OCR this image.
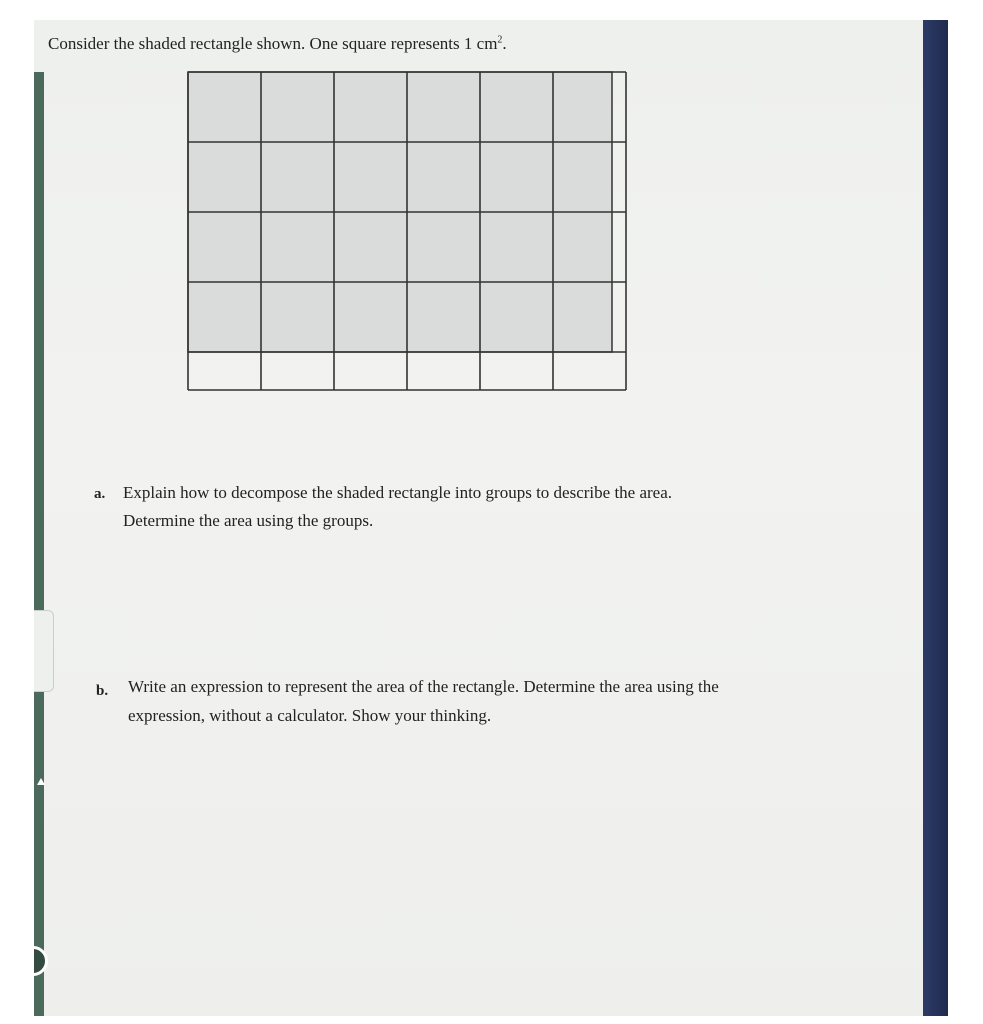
Consider the shaded rectangle shown. One square represents 1 $cm^2$.
a. Explain how to decompose the shaded rectangle into groups to describe the area.
Determine the area using the groups.
b. Write an expression to represent the area of the rectangle. Determine the area using the
expression, without a calculator. Show your thinking.
